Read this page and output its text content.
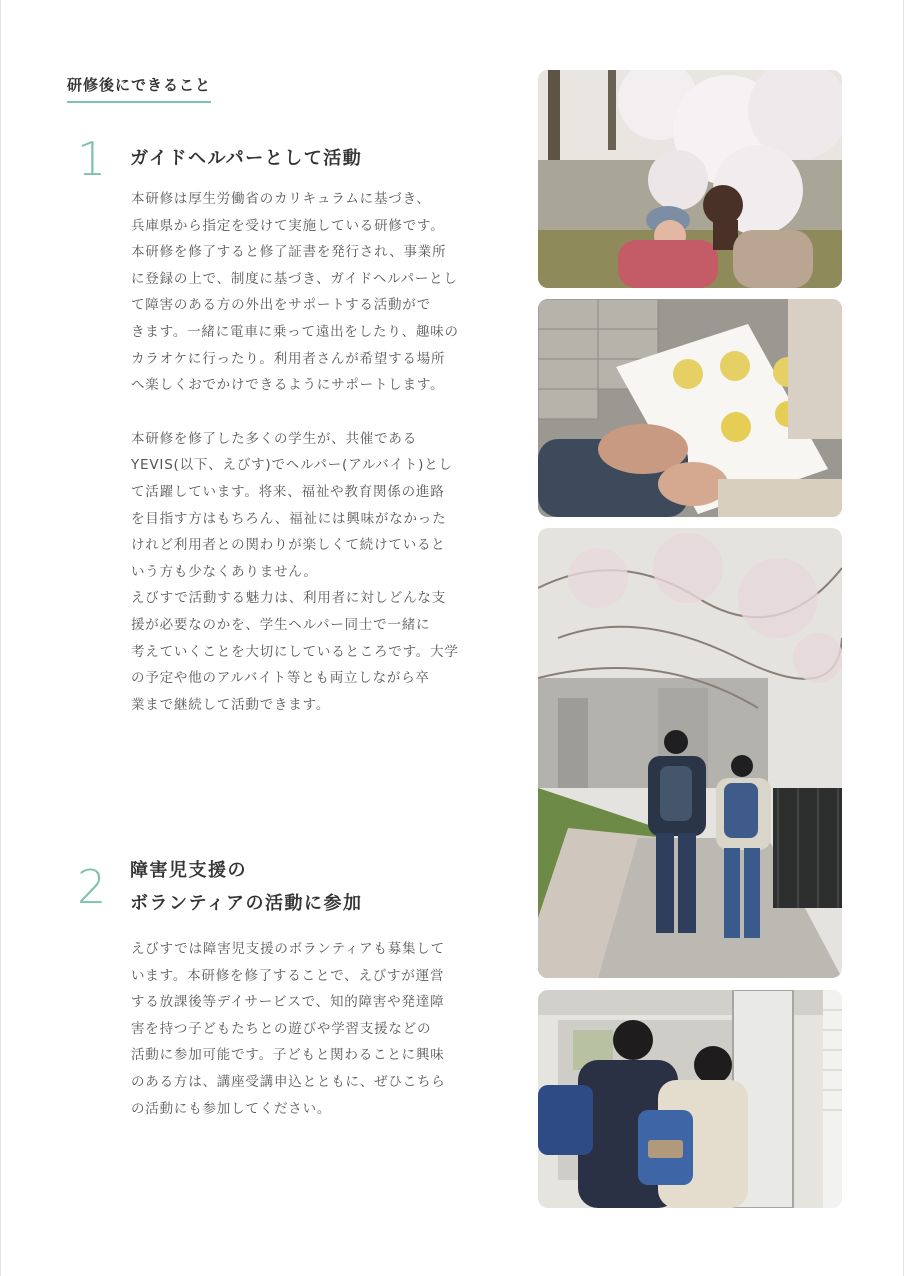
研修後にできること
1 ガイドヘルパーとして活動

本研修は厚生労働省のカリキュラムに基づき、
兵庫県から指定を受けて実施している研修です。
本研修を修了すると修了証書を発行され、事業所
に登録の上で、制度に基づき、ガイドヘルパーとし
て障害のある方の外出をサポートする活動がで
きます。一緒に電車に乗って遠出をしたり、趣味の
カラオケに行ったり。利用者さんが希望する場所
へ楽しくおでかけできるようにサポートします。

本研修を修了した多くの学生が、共催である
YEVIS(以下、えびす)でヘルパー(アルバイト)とし
て活躍しています。将来、福祉や教育関係の進路
を目指す方はもちろん、福祉には興味がなかった
けれど利用者との関わりが楽しくて続けていると
いう方も少なくありません。
えびすで活動する魅力は、利用者に対しどんな支
援が必要なのかを、学生ヘルパー同士で一緒に
考えていくことを大切にしているところです。大学
の予定や他のアルバイト等とも両立しながら卒
業まで継続して活動できます。

2 障害児支援の
ボランティアの活動に参加

えびすでは障害児支援のボランティアも募集して
います。本研修を修了することで、えびすが運営
する放課後等デイサービスで、知的障害や発達障
害を持つ子どもたちとの遊びや学習支援などの
活動に参加可能です。子どもと関わることに興味
のある方は、講座受講申込とともに、ぜひこちら
の活動にも参加してください。
